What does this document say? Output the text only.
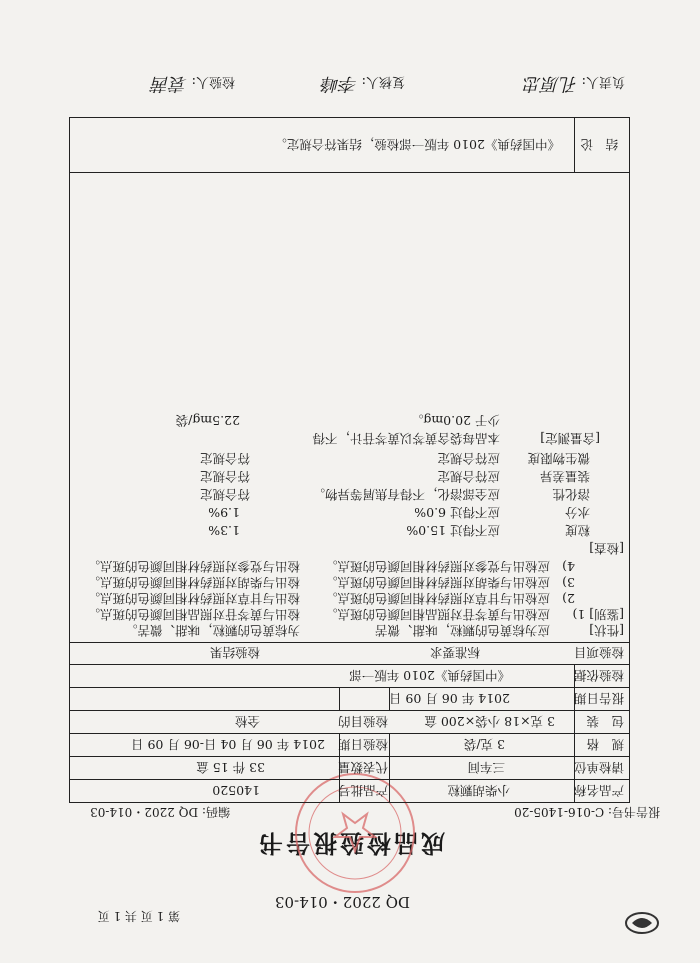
第 1 页 共 1 页
DQ 2202・014-03
成品检验报告书
报告书号: C-016-1405-20
编码: DQ 2202・014-03
产品名称
小柴胡颗粒
产品批号
140520
请检单位
三车间
代表数量
33 件 15 盒
规　格
3 克/袋
检验日期
2014 年 06 月 04 日-06 月 09 日
包　装
3 克×18 小袋×200 盒
检验目的
全检
报告日期
2014 年 06 月 09 日
检验依据
《中国药典》2010 年版一部
检验项目
标准要求
检验结果
[性状]
应为棕黄色的颗粒，味甜、微苦
为棕黄色的颗粒，味甜、微苦。
[鉴别] 1)
应检出与黄芩苷对照品相同颜色的斑点。
检出与黄芩苷对照品相同颜色的斑点。
2)
应检出与甘草对照药材相同颜色的斑点。
检出与甘草对照药材相同颜色的斑点。
3)
应检出与柴胡对照药材相同颜色的斑点。
检出与柴胡对照药材相同颜色的斑点。
4)
应检出与党参对照药材相同颜色的斑点。
检出与党参对照药材相同颜色的斑点。
[检查]
粒度
应不得过 15.0%
1.3%
水分
应不得过 6.0%
1.9%
溶化性
应全部溶化，不得有焦屑等异物。
符合规定
装量差异
应符合规定
符合规定
微生物限度
应符合规定
符合规定
[含量测定]
本品每袋含黄芩以黄芩苷计，不得
少于 20.0mg。
22.5mg/袋
结　论
《中国药典》2010 年版一部检验，结果符合规定。
负责人: 孔原忠
复核人: 李峰
检验人: 袁茜
